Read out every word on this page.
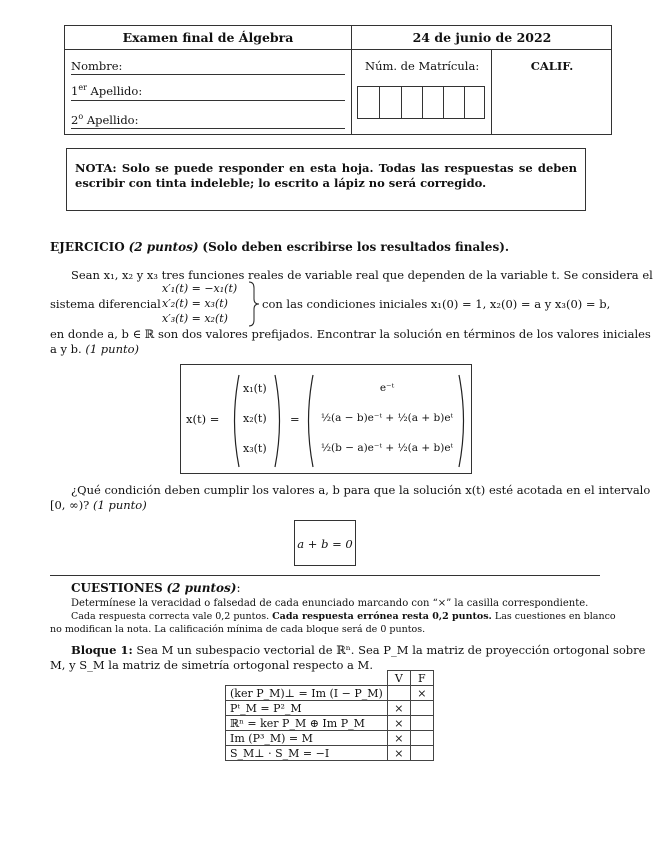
Examen final de Álgebra	24 de junio de 2022
Nombre:
1er Apellido:
2$^o$ Apellido:
Núm. de Matrícula:	CALIF.
NOTA: Solo se puede responder en esta hoja. Todas las respuestas se deben escribir con tinta indeleble; lo escrito a lápiz no será corregido.
EJERCICIO (2 puntos) (Solo deben escribirse los resultados finales).
Sean x₁, x₂ y x₃ tres funciones reales de variable real que dependen de la variable t. Se considera el
sistema diferencial
x′₁(t) = −x₁(t)
x′₂(t) = x₃(t)
x′₃(t) = x₂(t)
con las condiciones iniciales x₁(0) = 1, x₂(0) = a y x₃(0) = b,
en donde a, b ∈ ℝ son dos valores prefijados. Encontrar la solución en términos de los valores iniciales
a y b. (1 punto)
x(t) =
x₁(t)
x₂(t)
x₃(t)
=
e⁻ᵗ
½(a − b)e⁻ᵗ + ½(a + b)eᵗ
½(b − a)e⁻ᵗ + ½(a + b)eᵗ
¿Qué condición deben cumplir los valores a, b para que la solución x(t) esté acotada en el intervalo
[0, ∞)? (1 punto)
a + b = 0
CUESTIONES (2 puntos):
Determínese la veracidad o falsedad de cada enunciado marcando con “×” la casilla correspondiente.
Cada respuesta correcta vale 0,2 puntos. Cada respuesta errónea resta 0,2 puntos. Las cuestiones en blanco
no modifican la nota. La calificación mínima de cada bloque será de 0 puntos.
Bloque 1: Sea M un subespacio vectorial de ℝⁿ. Sea P_M la matriz de proyección ortogonal sobre
M, y S_M la matriz de simetría ortogonal respecto a M.
	V	F
(ker P_M)⊥ = Im (I − P_M)		×
Pᵗ_M = P²_M	×	
ℝⁿ = ker P_M ⊕ Im P_M	×	
Im (P³_M) = M	×	
S_M⊥ · S_M = −I	×	
